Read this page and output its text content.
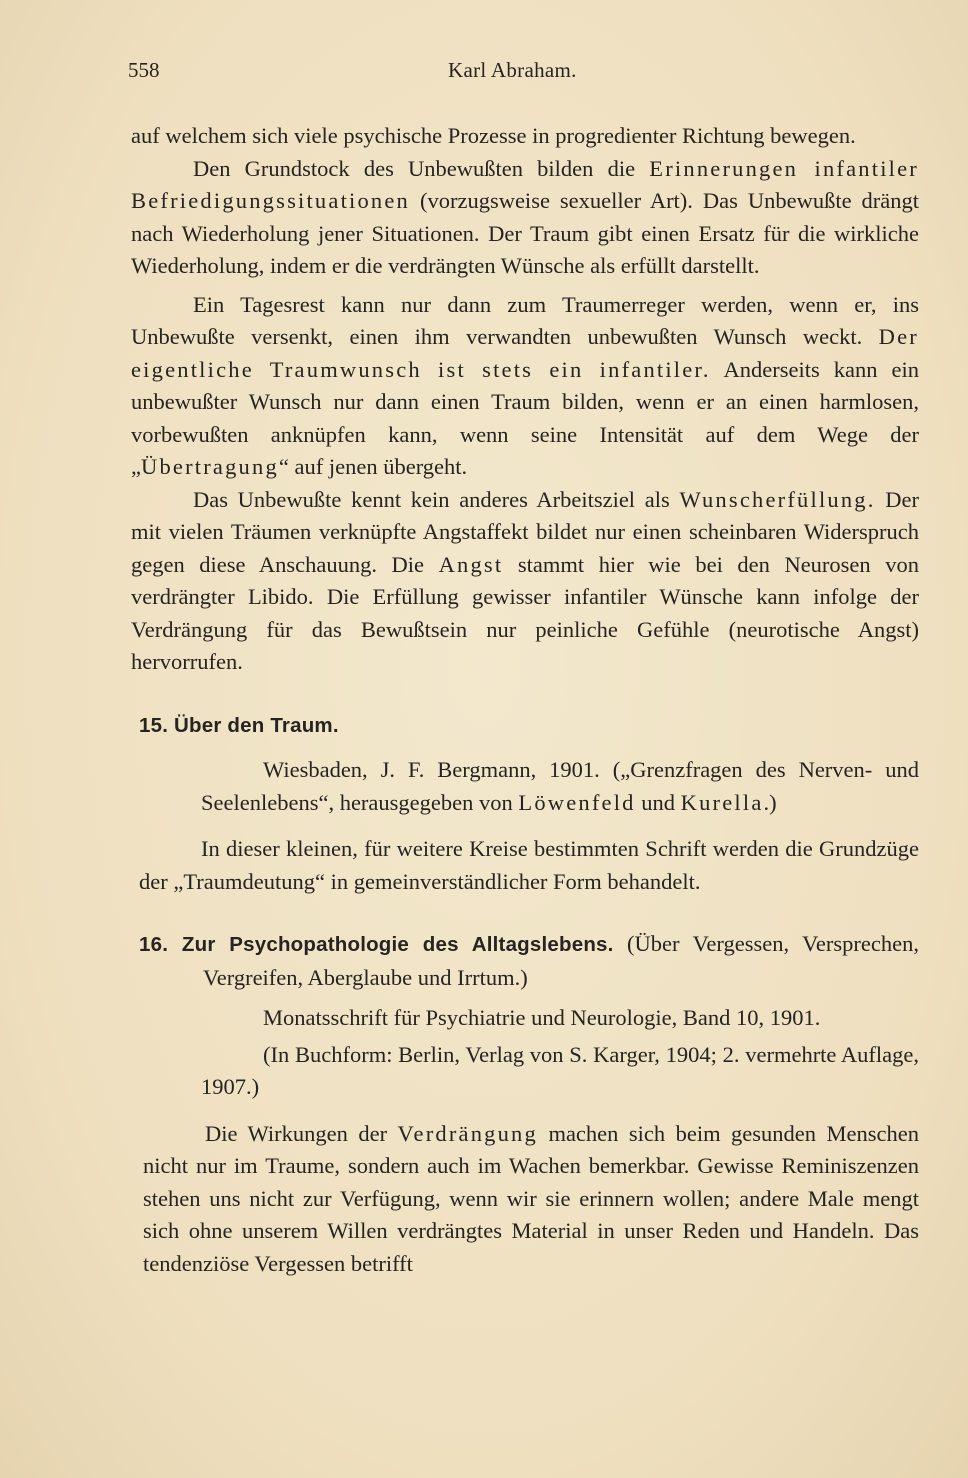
558	Karl Abraham.

auf welchem sich viele psychische Prozesse in progredienter Richtung bewegen.

Den Grundstock des Unbewußten bilden die Erinnerungen infantiler Befriedigungssituationen (vorzugsweise sexueller Art). Das Unbewußte drängt nach Wiederholung jener Situationen. Der Traum gibt einen Ersatz für die wirkliche Wiederholung, indem er die verdrängten Wünsche als erfüllt darstellt.

Ein Tagesrest kann nur dann zum Traumerreger werden, wenn er, ins Unbewußte versenkt, einen ihm verwandten unbewußten Wunsch weckt. Der eigentliche Traumwunsch ist stets ein infantiler. Anderseits kann ein unbewußter Wunsch nur dann einen Traum bilden, wenn er an einen harmlosen, vorbewußten anknüpfen kann, wenn seine Intensität auf dem Wege der „Übertragung“ auf jenen übergeht.

Das Unbewußte kennt kein anderes Arbeitsziel als Wunscherfüllung. Der mit vielen Träumen verknüpfte Angstaffekt bildet nur einen scheinbaren Widerspruch gegen diese Anschauung. Die Angst stammt hier wie bei den Neurosen von verdrängter Libido. Die Erfüllung gewisser infantiler Wünsche kann infolge der Verdrängung für das Bewußtsein nur peinliche Gefühle (neurotische Angst) hervorrufen.

15. Über den Traum.

Wiesbaden, J. F. Bergmann, 1901. („Grenzfragen des Nerven- und Seelenlebens“, herausgegeben von Löwenfeld und Kurella.)

In dieser kleinen, für weitere Kreise bestimmten Schrift werden die Grundzüge der „Traumdeutung“ in gemeinverständlicher Form behandelt.

16. Zur Psychopathologie des Alltagslebens. (Über Vergessen, Versprechen, Vergreifen, Aberglaube und Irrtum.)

Monatsschrift für Psychiatrie und Neurologie, Band 10, 1901.

(In Buchform: Berlin, Verlag von S. Karger, 1904; 2. vermehrte Auflage, 1907.)

Die Wirkungen der Verdrängung machen sich beim gesunden Menschen nicht nur im Traume, sondern auch im Wachen bemerkbar. Gewisse Reminiszenzen stehen uns nicht zur Verfügung, wenn wir sie erinnern wollen; andere Male mengt sich ohne unserem Willen verdrängtes Material in unser Reden und Handeln. Das tendenziöse Vergessen betrifft
